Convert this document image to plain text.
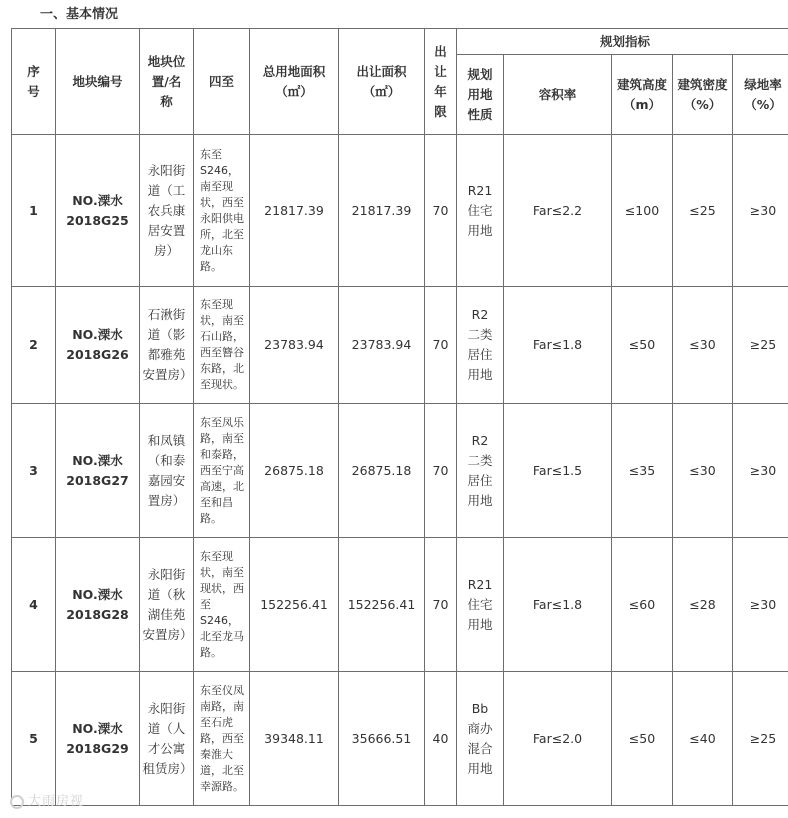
一、基本情况
序号	地块编号	地块位置/名称	四至	总用地面积（㎡）	出让面积（㎡）	出让年限	规划指标				
							规划用地性质	容积率	建筑高度（m）	建筑密度（%）	绿地率（%）
1	NO.溧水2018G25	永阳街道（工农兵康居安置房）	东至S246，南至现状，西至永阳供电所，北至龙山东路。	21817.39	21817.39	70	R21住宅用地	Far≤2.2	≤100	≤25	≥30
2	NO.溧水2018G26	石湫街道（影都雅苑安置房）	东至现状，南至石山路，西至簪谷东路，北至现状。	23783.94	23783.94	70	R2二类居住用地	Far≤1.8	≤50	≤30	≥25
3	NO.溧水2018G27	和凤镇（和泰嘉园安置房）	东至凤乐路，南至和泰路，西至宁高高速，北至和昌路。	26875.18	26875.18	70	R2二类居住用地	Far≤1.5	≤35	≤30	≥30
4	NO.溧水2018G28	永阳街道（秋湖佳苑安置房）	东至现状，南至现状，西至S246，北至龙马路。	152256.41	152256.41	70	R21住宅用地	Far≤1.8	≤60	≤28	≥30
5	NO.溧水2018G29	永阳街道（人才公寓租赁房）	东至仪凤南路，南至石虎路，西至秦淮大道，北至幸源路。	39348.11	35666.51	40	Bb商办混合用地	Far≤2.0	≤50	≤40	≥25
大雨房视
